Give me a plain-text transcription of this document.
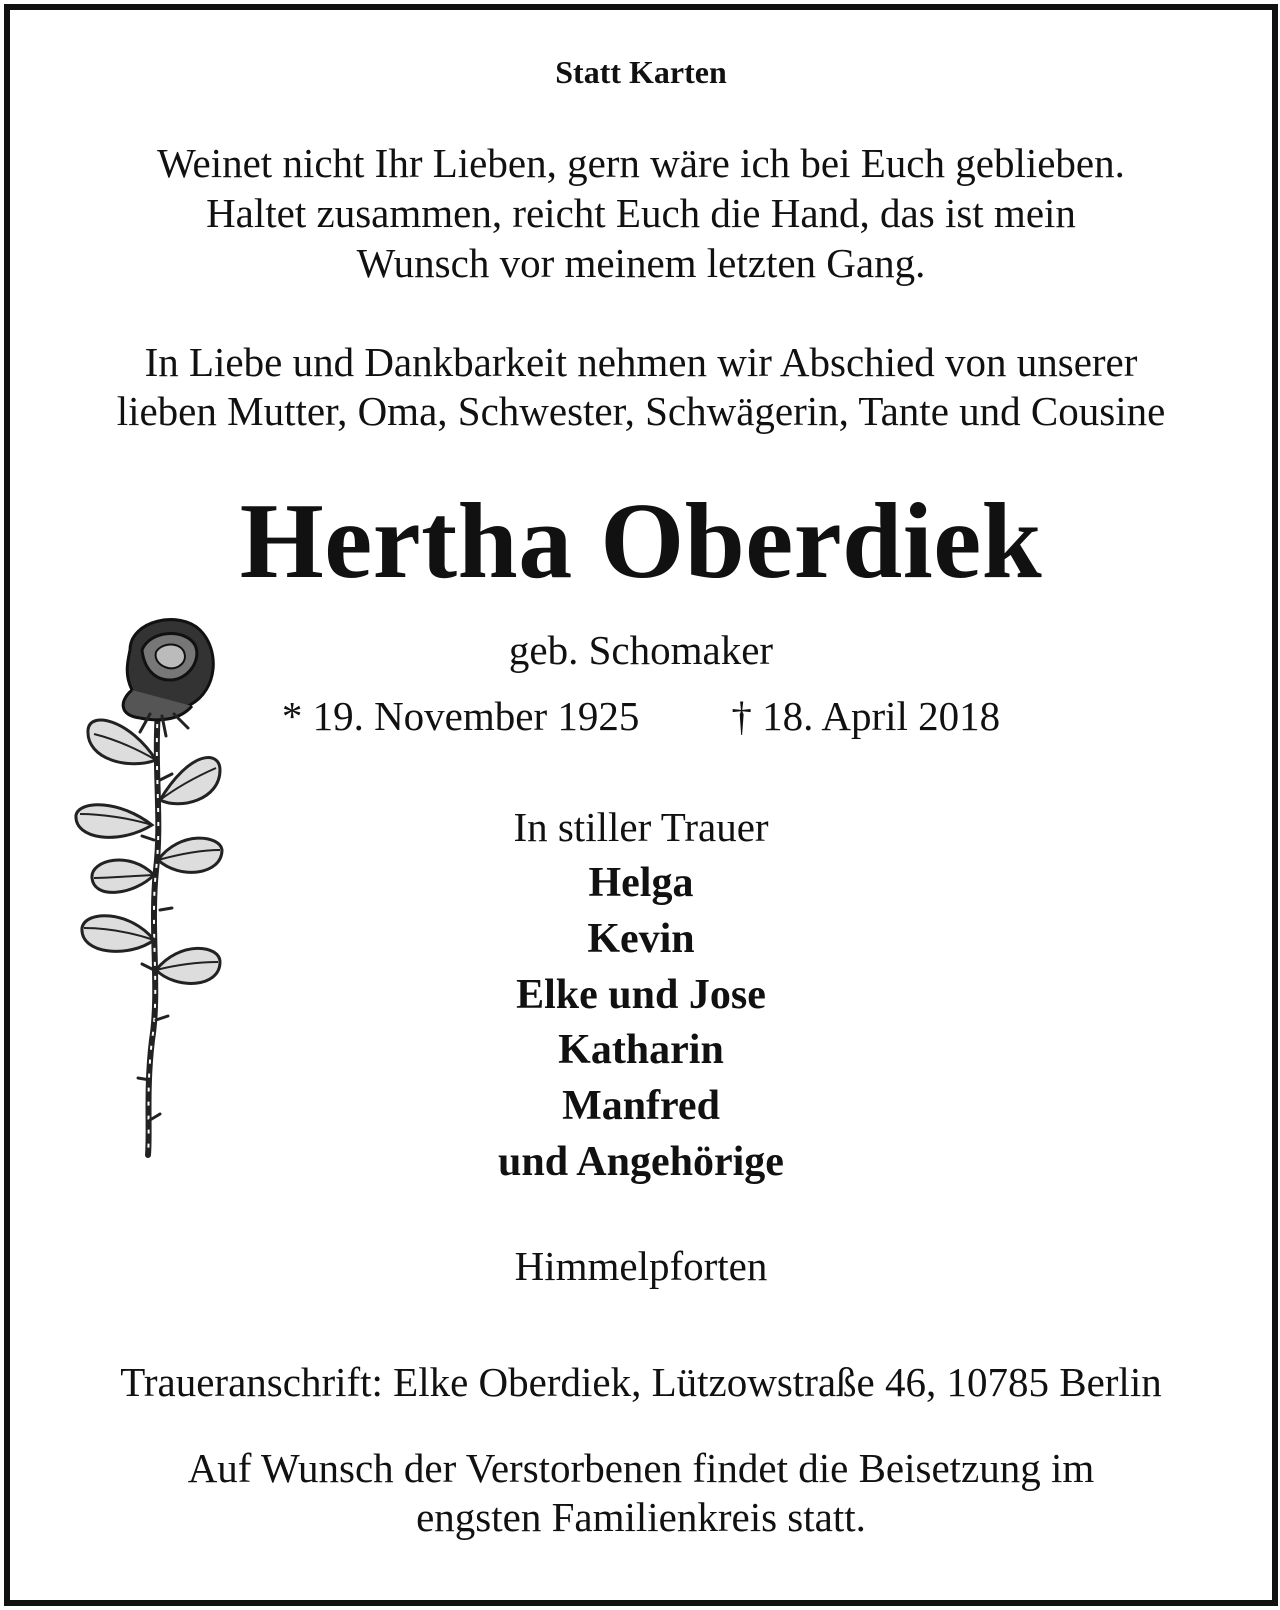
Statt Karten
Weinet nicht Ihr Lieben, gern wäre ich bei Euch geblieben.
Haltet zusammen, reicht Euch die Hand, das ist mein
Wunsch vor meinem letzten Gang.
In Liebe und Dankbarkeit nehmen wir Abschied von unserer
lieben Mutter, Oma, Schwester, Schwägerin, Tante und Cousine
Hertha Oberdiek
geb. Schomaker
* 19. November 1925 † 18. April 2018
In stiller Trauer
Helga
Kevin
Elke und Jose
Katharin
Manfred
und Angehörige
Himmelpforten
Traueranschrift: Elke Oberdiek, Lützowstraße 46, 10785 Berlin
Auf Wunsch der Verstorbenen findet die Beisetzung im
engsten Familienkreis statt.
